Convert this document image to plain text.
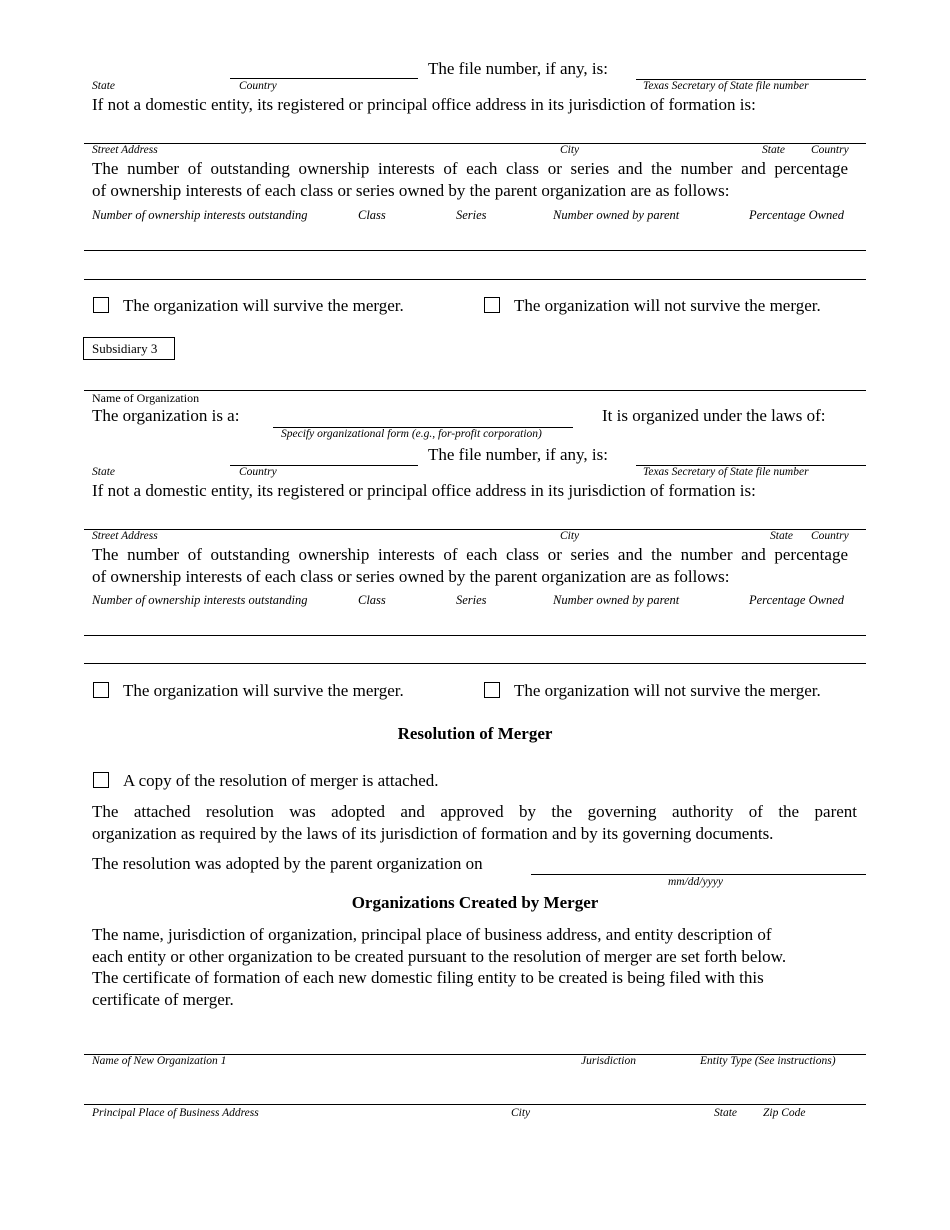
The file number, if any, is:
State	Country	Texas Secretary of State file number
If not a domestic entity, its registered or principal office address in its jurisdiction of formation is:
Street Address	City	State Country
The number of outstanding ownership interests of each class or series and the number and percentage
of ownership interests of each class or series owned by the parent organization are as follows:
Number of ownership interests outstanding	Class	Series	Number owned by parent	Percentage Owned
The organization will survive the merger.	The organization will not survive the merger.
Subsidiary 3
Name of Organization
The organization is a:
Specify organizational form (e.g., for-profit corporation)
It is organized under the laws of:
The file number, if any, is:
State	Country	Texas Secretary of State file number
If not a domestic entity, its registered or principal office address in its jurisdiction of formation is:
Street Address	City	State Country
The number of outstanding ownership interests of each class or series and the number and percentage
of ownership interests of each class or series owned by the parent organization are as follows:
Number of ownership interests outstanding	Class	Series	Number owned by parent	Percentage Owned
The organization will survive the merger.	The organization will not survive the merger.
Resolution of Merger
A copy of the resolution of merger is attached.
The attached resolution was adopted and approved by the governing authority of the parent
organization as required by the laws of its jurisdiction of formation and by its governing documents.
The resolution was adopted by the parent organization on
mm/dd/yyyy
Organizations Created by Merger
The name, jurisdiction of organization, principal place of business address, and entity description of
each entity or other organization to be created pursuant to the resolution of merger are set forth below.
The certificate of formation of each new domestic filing entity to be created is being filed with this
certificate of merger.
Name of New Organization 1	Jurisdiction	Entity Type (See instructions)
Principal Place of Business Address	City	State Zip Code
